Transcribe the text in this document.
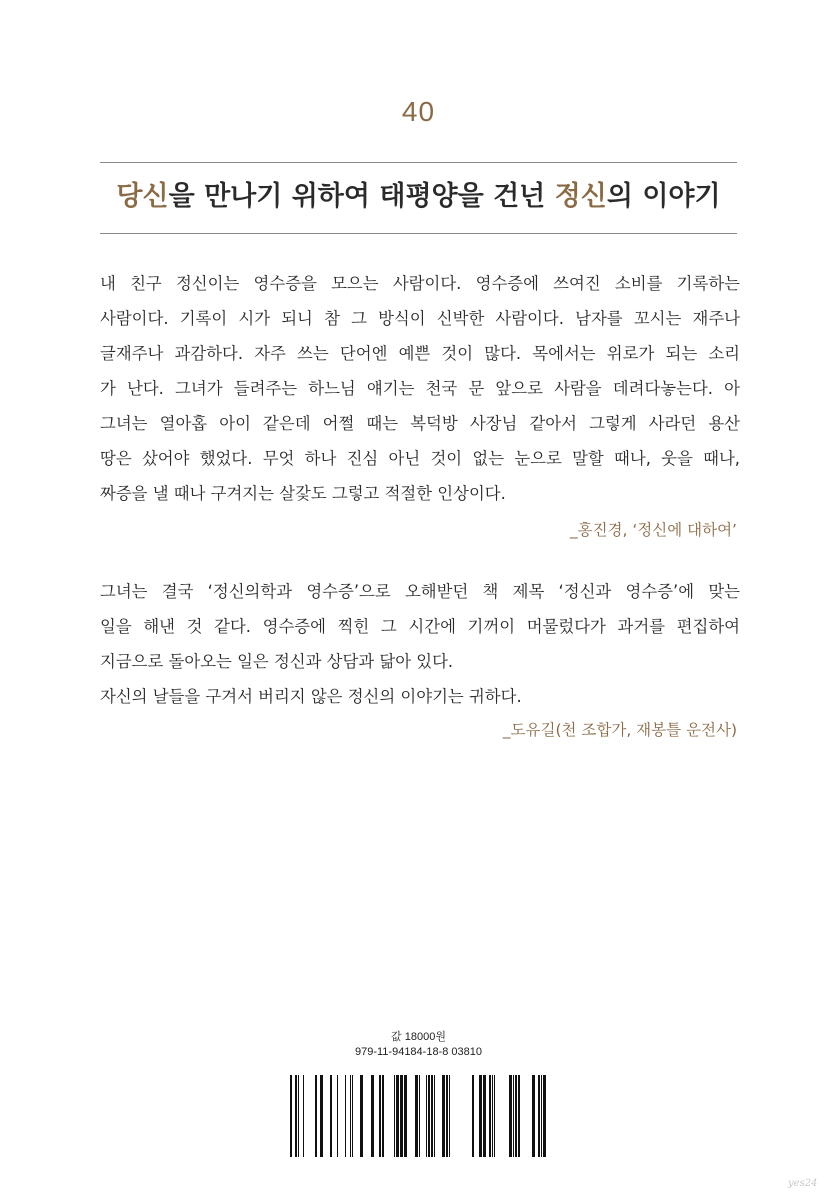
40
당신을 만나기 위하여 태평양을 건넌 정신의 이야기
내 친구 정신이는 영수증을 모으는 사람이다. 영수증에 쓰여진 소비를 기록하는
사람이다. 기록이 시가 되니 참 그 방식이 신박한 사람이다. 남자를 꼬시는 재주나
글재주나 과감하다. 자주 쓰는 단어엔 예쁜 것이 많다. 목에서는 위로가 되는 소리
가 난다. 그녀가 들려주는 하느님 얘기는 천국 문 앞으로 사람을 데려다놓는다. 아
그녀는 열아홉 아이 같은데 어쩔 때는 복덕방 사장님 같아서 그렇게 사라던 용산
땅은 샀어야 했었다. 무엇 하나 진심 아닌 것이 없는 눈으로 말할 때나, 웃을 때나,
짜증을 낼 때나 구겨지는 살갗도 그렇고 적절한 인상이다.
_홍진경, ‘정신에 대하여’
그녀는 결국 ‘정신의학과 영수증’으로 오해받던 책 제목 ‘정신과 영수증’에 맞는
일을 해낸 것 같다. 영수증에 찍힌 그 시간에 기꺼이 머물렀다가 과거를 편집하여
지금으로 돌아오는 일은 정신과 상담과 닮아 있다.
자신의 날들을 구겨서 버리지 않은 정신의 이야기는 귀하다.
_도유길(천 조합가, 재봉틀 운전사)
값 18000원
979-11-94184-18-8 03810
yes24
